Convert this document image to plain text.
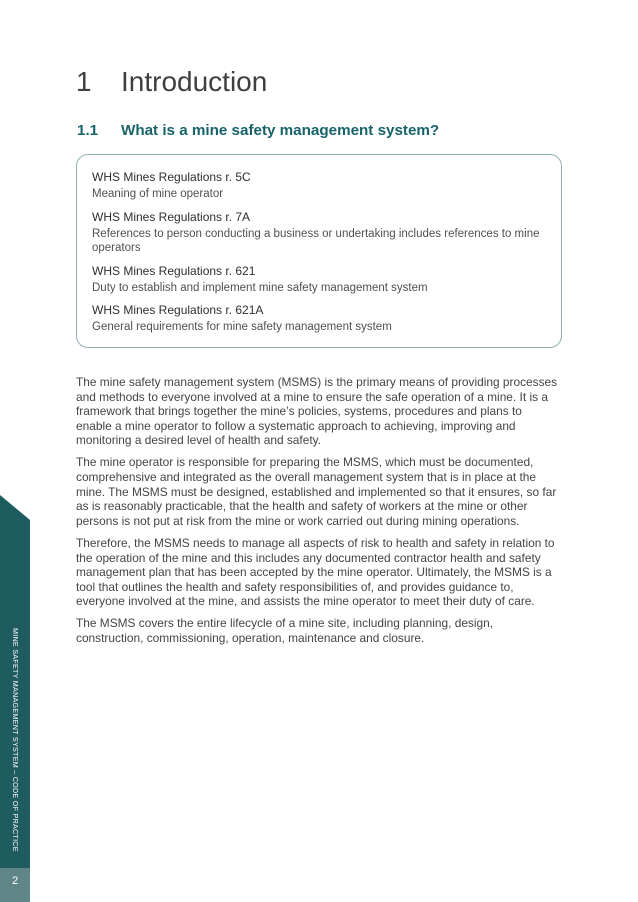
MINE SAFETY MANAGEMENT SYSTEM – CODE OF PRACTICE
2
1 Introduction
1.1 What is a mine safety management system?
WHS Mines Regulations r. 5C
Meaning of mine operator
WHS Mines Regulations r. 7A
References to person conducting a business or undertaking includes references to mine operators
WHS Mines Regulations r. 621
Duty to establish and implement mine safety management system
WHS Mines Regulations r. 621A
General requirements for mine safety management system

The mine safety management system (MSMS) is the primary means of providing processes and methods to everyone involved at a mine to ensure the safe operation of a mine. It is a framework that brings together the mine’s policies, systems, procedures and plans to enable a mine operator to follow a systematic approach to achieving, improving and monitoring a desired level of health and safety.

The mine operator is responsible for preparing the MSMS, which must be documented, comprehensive and integrated as the overall management system that is in place at the mine. The MSMS must be designed, established and implemented so that it ensures, so far as is reasonably practicable, that the health and safety of workers at the mine or other persons is not put at risk from the mine or work carried out during mining operations.

Therefore, the MSMS needs to manage all aspects of risk to health and safety in relation to the operation of the mine and this includes any documented contractor health and safety management plan that has been accepted by the mine operator. Ultimately, the MSMS is a tool that outlines the health and safety responsibilities of, and provides guidance to, everyone involved at the mine, and assists the mine operator to meet their duty of care.

The MSMS covers the entire lifecycle of a mine site, including planning, design, construction, commissioning, operation, maintenance and closure.
